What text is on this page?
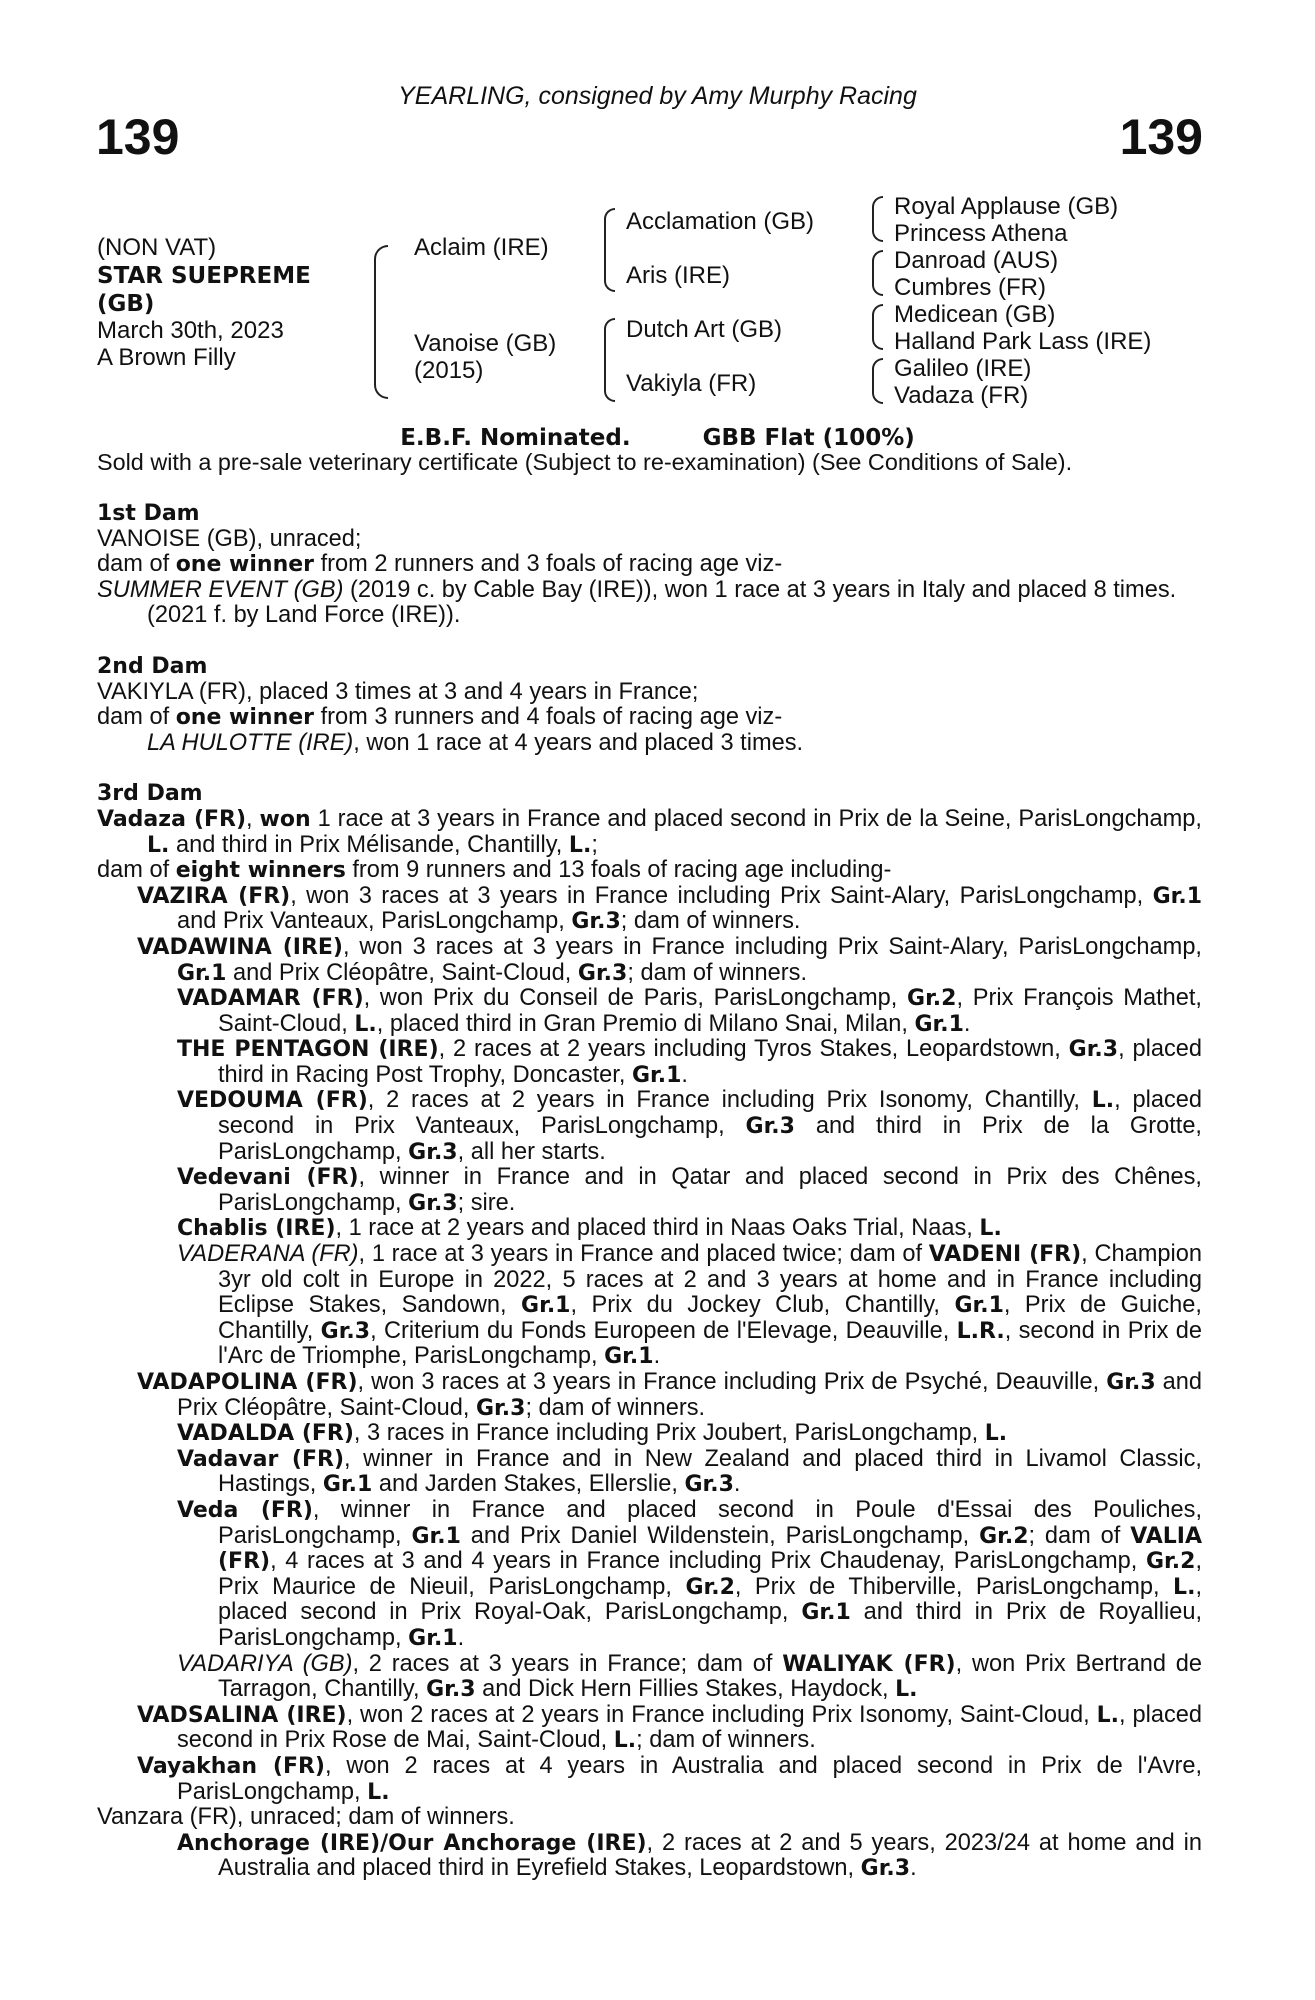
139
YEARLING, consigned by Amy Murphy Racing
139
(NON VAT)
STAR SUEPREME
(GB)
March 30th, 2023
A Brown Filly
Aclaim (IRE)
Vanoise (GB)
(2015)
Acclamation (GB)
Aris (IRE)
Dutch Art (GB)
Vakiyla (FR)
Royal Applause (GB)
Princess Athena
Danroad (AUS)
Cumbres (FR)
Medicean (GB)
Halland Park Lass (IRE)
Galileo (IRE)
Vadaza (FR)
E.B.F. Nominated.	GBB Flat (100%)
Sold with a pre-sale veterinary certificate (Subject to re-examination) (See Conditions of Sale).
1st Dam
VANOISE (GB), unraced;
dam of one winner from 2 runners and 3 foals of racing age viz-
SUMMER EVENT (GB) (2019 c. by Cable Bay (IRE)), won 1 race at 3 years in Italy and placed 8 times.
(2021 f. by Land Force (IRE)).
2nd Dam
VAKIYLA (FR), placed 3 times at 3 and 4 years in France;
dam of one winner from 3 runners and 4 foals of racing age viz-
LA HULOTTE (IRE), won 1 race at 4 years and placed 3 times.
3rd Dam
Vadaza (FR), won 1 race at 3 years in France and placed second in Prix de la Seine, ParisLongchamp, L. and third in Prix Mélisande, Chantilly, L.;
dam of eight winners from 9 runners and 13 foals of racing age including-
VAZIRA (FR), won 3 races at 3 years in France including Prix Saint-Alary, ParisLongchamp, Gr.1 and Prix Vanteaux, ParisLongchamp, Gr.3; dam of winners.
VADAWINA (IRE), won 3 races at 3 years in France including Prix Saint-Alary, ParisLongchamp, Gr.1 and Prix Cléopâtre, Saint-Cloud, Gr.3; dam of winners.
VADAMAR (FR), won Prix du Conseil de Paris, ParisLongchamp, Gr.2, Prix François Mathet, Saint-Cloud, L., placed third in Gran Premio di Milano Snai, Milan, Gr.1.
THE PENTAGON (IRE), 2 races at 2 years including Tyros Stakes, Leopardstown, Gr.3, placed third in Racing Post Trophy, Doncaster, Gr.1.
VEDOUMA (FR), 2 races at 2 years in France including Prix Isonomy, Chantilly, L., placed second in Prix Vanteaux, ParisLongchamp, Gr.3 and third in Prix de la Grotte, ParisLongchamp, Gr.3, all her starts.
Vedevani (FR), winner in France and in Qatar and placed second in Prix des Chênes, ParisLongchamp, Gr.3; sire.
Chablis (IRE), 1 race at 2 years and placed third in Naas Oaks Trial, Naas, L.
VADERANA (FR), 1 race at 3 years in France and placed twice; dam of VADENI (FR), Champion 3yr old colt in Europe in 2022, 5 races at 2 and 3 years at home and in France including Eclipse Stakes, Sandown, Gr.1, Prix du Jockey Club, Chantilly, Gr.1, Prix de Guiche, Chantilly, Gr.3, Criterium du Fonds Europeen de l'Elevage, Deauville, L.R., second in Prix de l'Arc de Triomphe, ParisLongchamp, Gr.1.
VADAPOLINA (FR), won 3 races at 3 years in France including Prix de Psyché, Deauville, Gr.3 and Prix Cléopâtre, Saint-Cloud, Gr.3; dam of winners.
VADALDA (FR), 3 races in France including Prix Joubert, ParisLongchamp, L.
Vadavar (FR), winner in France and in New Zealand and placed third in Livamol Classic, Hastings, Gr.1 and Jarden Stakes, Ellerslie, Gr.3.
Veda (FR), winner in France and placed second in Poule d'Essai des Pouliches, ParisLongchamp, Gr.1 and Prix Daniel Wildenstein, ParisLongchamp, Gr.2; dam of VALIA (FR), 4 races at 3 and 4 years in France including Prix Chaudenay, ParisLongchamp, Gr.2, Prix Maurice de Nieuil, ParisLongchamp, Gr.2, Prix de Thiberville, ParisLongchamp, L., placed second in Prix Royal-Oak, ParisLongchamp, Gr.1 and third in Prix de Royallieu, ParisLongchamp, Gr.1.
VADARIYA (GB), 2 races at 3 years in France; dam of WALIYAK (FR), won Prix Bertrand de Tarragon, Chantilly, Gr.3 and Dick Hern Fillies Stakes, Haydock, L.
VADSALINA (IRE), won 2 races at 2 years in France including Prix Isonomy, Saint-Cloud, L., placed second in Prix Rose de Mai, Saint-Cloud, L.; dam of winners.
Vayakhan (FR), won 2 races at 4 years in Australia and placed second in Prix de l'Avre, ParisLongchamp, L.
Vanzara (FR), unraced; dam of winners.
Anchorage (IRE)/Our Anchorage (IRE), 2 races at 2 and 5 years, 2023/24 at home and in Australia and placed third in Eyrefield Stakes, Leopardstown, Gr.3.
